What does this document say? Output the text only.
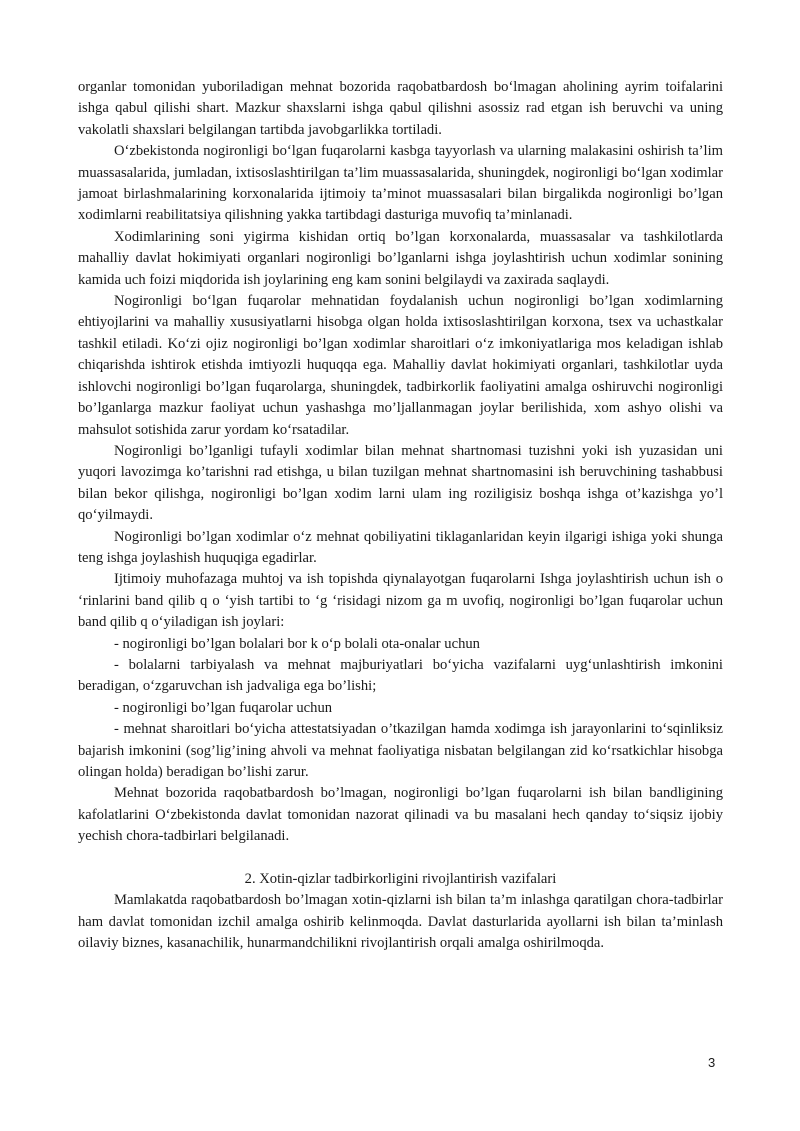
organlar tomonidan yuboriladigan mehnat bozorida raqobatbardosh bo‘lmagan aholining ayrim toifalarini ishga qabul qilishi shart. Mazkur shaxslarni ishga qabul qilishni asossiz rad etgan ish beruvchi va uning vakolatli shaxslari belgilangan tartibda javobgarlikka tortiladi.

O‘zbekistonda nogironligi bo‘lgan fuqarolarni kasbga tayyorlash va ularning malakasini oshirish ta’lim muassasalarida, jumladan, ixtisoslashtirilgan ta’lim muassasalarida, shuningdek, nogironligi bo‘lgan xodimlar jamoat birlashmalarining korxonalarida ijtimoiy ta’minot muassasalari bilan birgalikda nogironligi bo’lgan xodimlarni reabilitatsiya qilishning yakka tartibdagi dasturiga muvofiq ta’minlanadi.

Xodimlarining soni yigirma kishidan ortiq bo’lgan korxonalarda, muassasalar va tashkilotlarda mahalliy davlat hokimiyati organlari nogironligi bo’lganlarni ishga joylashtirish uchun xodimlar sonining kamida uch foizi miqdorida ish joylarining eng kam sonini belgilaydi va zaxirada saqlaydi.

Nogironligi bo‘lgan fuqarolar mehnatidan foydalanish uchun nogironligi bo’lgan xodimlarning ehtiyojlarini va mahalliy xususiyatlarni hisobga olgan holda ixtisoslashtirilgan korxona, tsex va uchastkalar tashkil etiladi. Ko‘zi ojiz nogironligi bo’lgan xodimlar sharoitlari o‘z imkoniyatlariga mos keladigan ishlab chiqarishda ishtirok etishda imtiyozli huquqqa ega. Mahalliy davlat hokimiyati organlari, tashkilotlar uyda ishlovchi nogironligi bo’lgan fuqarolarga, shuningdek, tadbirkorlik faoliyatini amalga oshiruvchi nogironligi bo’lganlarga mazkur faoliyat uchun yashashga mo’ljallanmagan joylar berilishida, xom ashyo olishi va mahsulot sotishida zarur yordam ko‘rsatadilar.

Nogironligi bo’lganligi tufayli xodimlar bilan mehnat shartnomasi tuzishni yoki ish yuzasidan uni yuqori lavozimga ko’tarishni rad etishga, u bilan tuzilgan mehnat shartnomasini ish beruvchining tashabbusi bilan bekor qilishga, nogironligi bo’lgan xodim larni ulam ing roziligisiz boshqa ishga ot’kazishga yo’l qo‘yilmaydi.

Nogironligi bo’lgan xodimlar o‘z mehnat qobiliyatini tiklaganlaridan keyin ilgarigi ishiga yoki shunga teng ishga joylashish huquqiga egadirlar.

Ijtimoiy muhofazaga muhtoj va ish topishda qiynalayotgan fuqarolarni Ishga joylashtirish uchun ish o ‘rinlarini band qilib q o ‘yish tartibi to ‘g ‘risidagi nizom ga m uvofiq, nogironligi bo’lgan fuqarolar uchun band qilib q o‘yiladigan ish joylari:

- nogironligi bo’lgan bolalari bor k o‘p bolali ota-onalar uchun

- bolalarni tarbiyalash va mehnat majburiyatlari bo‘yicha vazifalarni uyg‘unlashtirish imkonini beradigan, o‘zgaruvchan ish jadvaliga ega bo’lishi;

- nogironligi bo’lgan fuqarolar uchun

- mehnat sharoitlari bo‘yicha attestatsiyadan o’tkazilgan hamda xodimga ish jarayonlarini to‘sqinliksiz bajarish imkonini (sog’lig’ining ahvoli va mehnat faoliyatiga nisbatan belgilangan zid ko‘rsatkichlar hisobga olingan holda) beradigan bo’lishi zarur.

Mehnat bozorida raqobatbardosh bo’lmagan, nogironligi bo’lgan fuqarolarni ish bilan bandligining kafolatlarini O‘zbekistonda davlat tomonidan nazorat qilinadi va bu masalani hech qanday to‘siqsiz ijobiy yechish chora-tadbirlari belgilanadi.

2. Xotin-qizlar tadbirkorligini rivojlantirish vazifalari

Mamlakatda raqobatbardosh bo’lmagan xotin-qizlarni ish bilan ta’m inlashga qaratilgan chora-tadbirlar ham davlat tomonidan izchil amalga oshirib kelinmoqda. Davlat dasturlarida ayollarni ish bilan ta’minlash oilaviy biznes, kasanachilik, hunarmandchilikni rivojlantirish orqali amalga oshirilmoqda.

3
